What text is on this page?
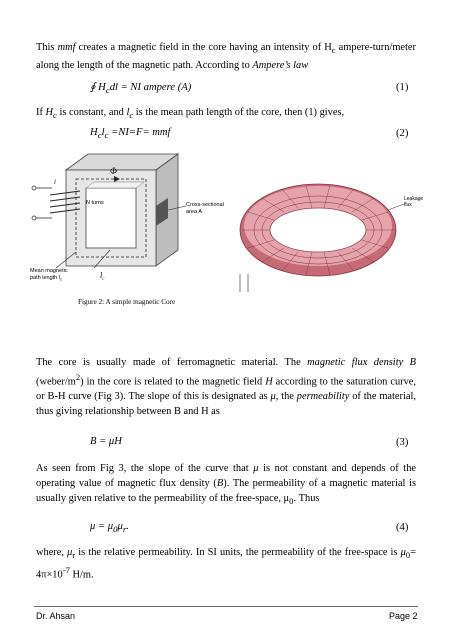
This mmf creates a magnetic field in the core having an intensity of $H_c$ ampere-turn/meter along the length of the magnetic path. According to Ampere’s law
∮ $H_cdl$ = NI ampere (A)	(1)
If $H_c$ is constant, and $l_c$ is the mean path length of the core, then (1) gives,
$H_cl_c =NI=F=$ mmf	(2)
Φ
i
N turns	Cross-sectional area A
Mean magnetic path length $l_c$	$l_c$
Figure 2: A simple magnetic Core
Leakage flux
The core is usually made of ferromagnetic material. The magnetic flux density B $(weber/m^2)$ in the core is related to the magnetic field H according to the saturation curve, or B-H curve (Fig 3). The slope of this is designated as μ, the permeability of the material, thus giving relationship between B and H as
B = μH	(3)
As seen from Fig 3, the slope of the curve that μ is not constant and depends of the operating value of magnetic flux density (B). The permeability of a magnetic material is usually given relative to the permeability of the free-space, $\mu_0$. Thus
$\mu = \mu_0\mu_r$.	(4)
where, $\mu_r$ is the relative permeability. In SI units, the permeability of the free-space is $\mu_0= 4\pi\times 10^{-7}$ H/m.
Dr. Ahsan	Page 2
